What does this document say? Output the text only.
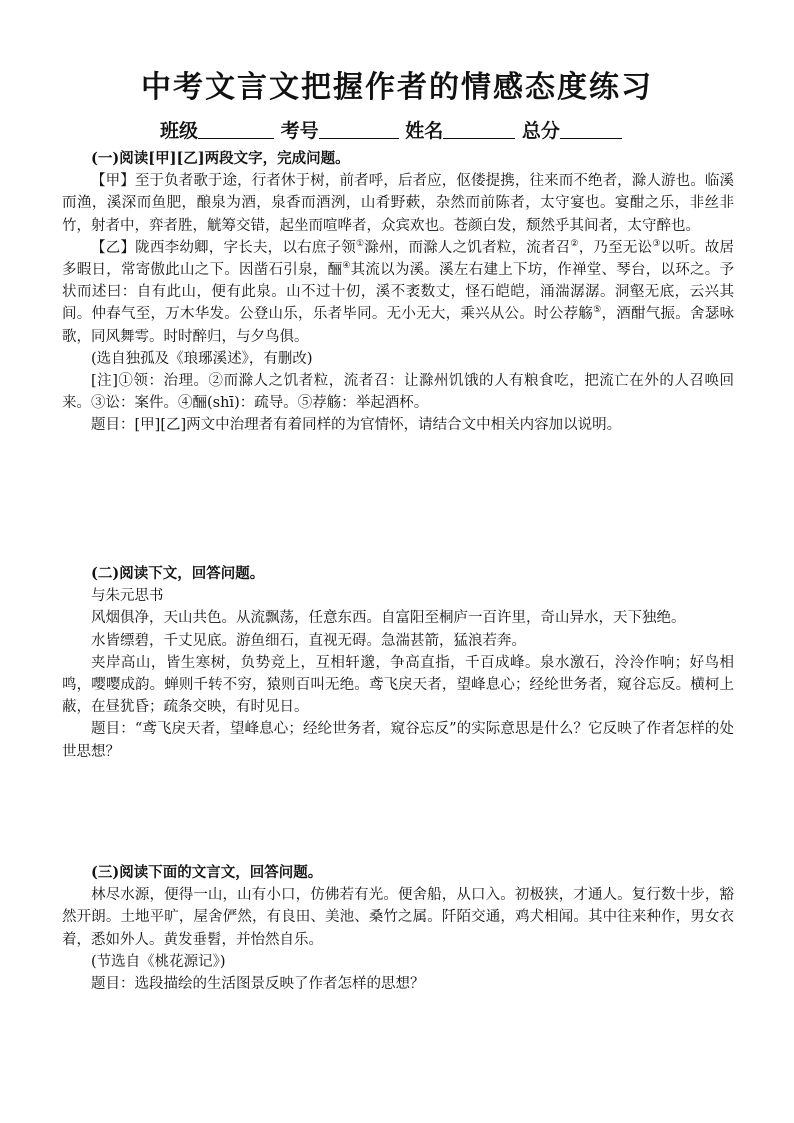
中考文言文把握作者的情感态度练习
班级	考号	姓名	总分

(一)阅读[甲][乙]两段文字，完成问题。

【甲】至于负者歌于途，行者休于树，前者呼，后者应，伛偻提携，往来而不绝者，滁人游也。临溪而渔，溪深而鱼肥，酿泉为酒，泉香而酒洌，山肴野蔌，杂然而前陈者，太守宴也。宴酣之乐，非丝非竹，射者中，弈者胜，觥筹交错，起坐而喧哗者，众宾欢也。苍颜白发，颓然乎其间者，太守醉也。

【乙】陇西李幼卿，字长夫，以右庶子领①滁州，而滁人之饥者粒，流者召②，乃至无讼③以听。故居多暇日，常寄傲此山之下。因凿石引泉，酾④其流以为溪。溪左右建上下坊，作禅堂、琴台，以环之。予状而述曰：自有此山，便有此泉。山不过十仞，溪不袤数丈，怪石皑皑，涌湍潺潺。洞壑无底，云兴其间。仲春气至，万木华发。公登山乐，乐者毕同。无小无大，乘兴从公。时公荐觞⑤，酒酣气振。舍瑟咏歌，同风舞雩。时时醉归，与夕鸟俱。

(选自独孤及《琅琊溪述》，有删改)

[注]①领：治理。②而滁人之饥者粒，流者召：让滁州饥饿的人有粮食吃，把流亡在外的人召唤回来。③讼：案件。④酾(shī)：疏导。⑤荐觞：举起酒杯。

题目：[甲][乙]两文中治理者有着同样的为官情怀，请结合文中相关内容加以说明。

(二)阅读下文，回答问题。

与朱元思书

风烟俱净，天山共色。从流飘荡，任意东西。自富阳至桐庐一百许里，奇山异水，天下独绝。

水皆缥碧，千丈见底。游鱼细石，直视无碍。急湍甚箭，猛浪若奔。

夹岸高山，皆生寒树，负势竞上，互相轩邈，争高直指，千百成峰。泉水激石，泠泠作响；好鸟相鸣，嘤嘤成韵。蝉则千转不穷，猿则百叫无绝。鸢飞戾天者，望峰息心；经纶世务者，窥谷忘反。横柯上蔽，在昼犹昏；疏条交映，有时见日。

题目：“鸢飞戾天者，望峰息心；经纶世务者，窥谷忘反”的实际意思是什么？它反映了作者怎样的处世思想？

(三)阅读下面的文言文，回答问题。

林尽水源，便得一山，山有小口，仿佛若有光。便舍船，从口入。初极狭，才通人。复行数十步，豁然开朗。土地平旷，屋舍俨然，有良田、美池、桑竹之属。阡陌交通，鸡犬相闻。其中往来种作，男女衣着，悉如外人。黄发垂髫，并怡然自乐。

(节选自《桃花源记》)

题目：选段描绘的生活图景反映了作者怎样的思想？
